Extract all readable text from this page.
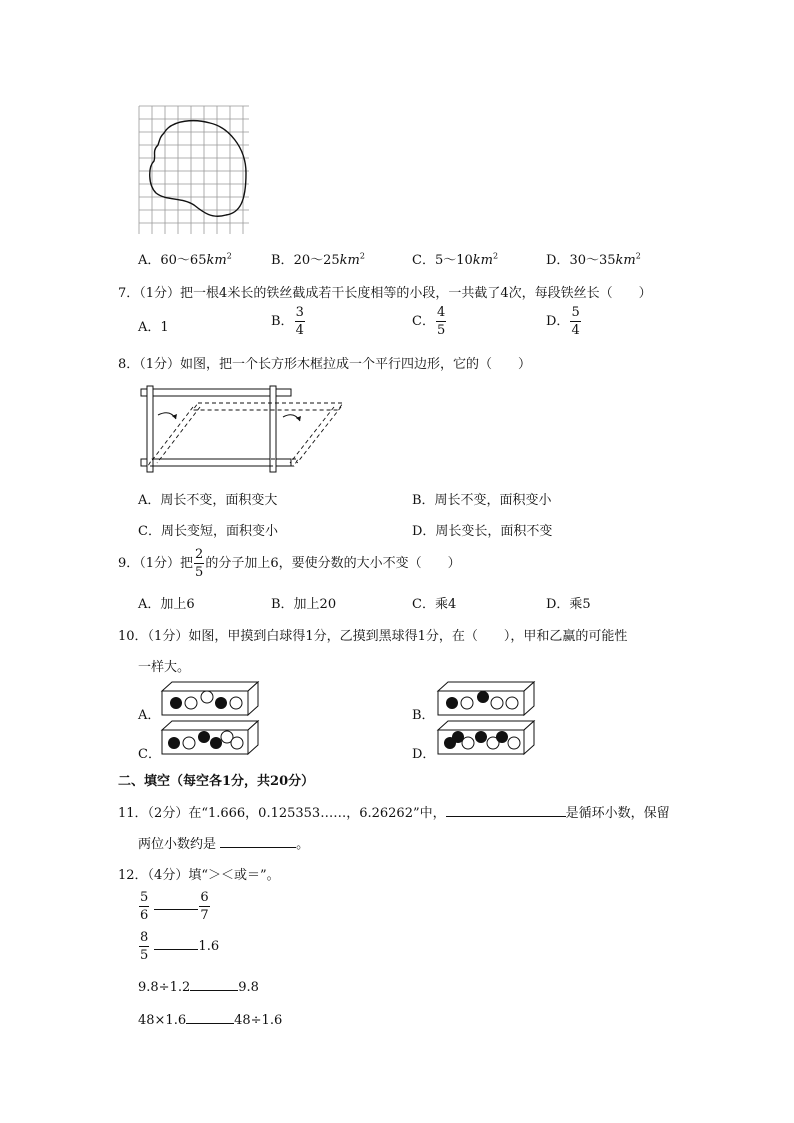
A．$60\sim 65km^2$	B．$20\sim 25km^2$	C．$5\sim 10km^2$	D．$30\sim 35km^2$
7．（1分）把一根4米长的铁丝截成若干长度相等的小段，一共截了4次，每段铁丝长（　　）
A．1	B． $\frac{3}{4}$	C． $\frac{4}{5}$	D． $\frac{5}{4}$
8．（1分）如图，把一个长方形木框拉成一个平行四边形，它的（　　）
A．周长不变，面积变大	B．周长不变，面积变小
C．周长变短，面积变小	D．周长变长，面积不变
9．（1分）把 $\frac{2}{5}$ 的分子加上6，要使分数的大小不变（　　）
A．加上6	B．加上20	C．乘4	D．乘5
10．（1分）如图，甲摸到白球得1分，乙摸到黑球得1分，在（　　），甲和乙赢的可能性
一样大。
A．	B．
C．	D．
二、填空（每空各1分，共20分）
11．（2分）在“1.666，0.125353……，6.26262”中，	是循环小数，保留
两位小数约是	。
12．（4分）填“＞＜或＝”。
$\frac{5}{6}$
	$\frac{6}{7}$
$\frac{8}{5}$	1.6
9.8÷1.2	9.8
48×1.6	48÷1.6
